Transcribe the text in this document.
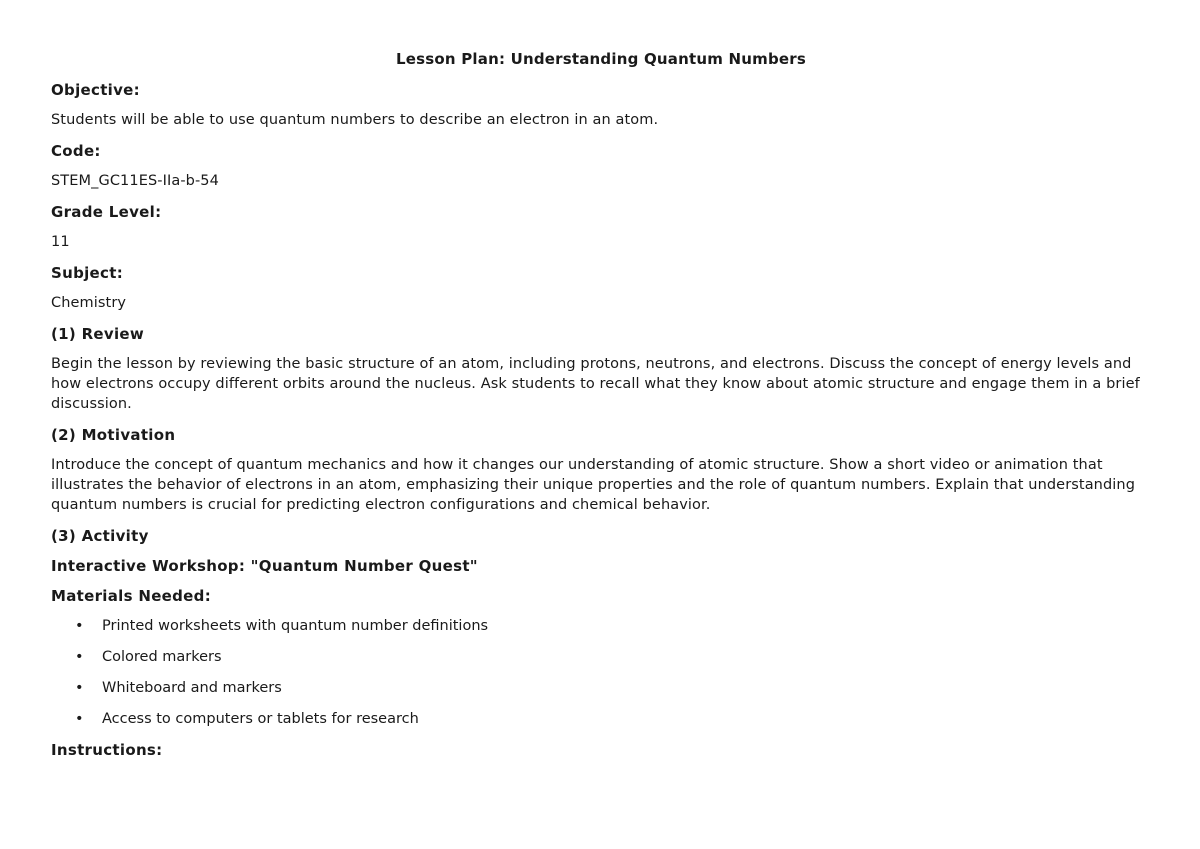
Lesson Plan: Understanding Quantum Numbers
Objective:
Students will be able to use quantum numbers to describe an electron in an atom.
Code:
STEM_GC11ES-IIa-b-54
Grade Level:
11
Subject:
Chemistry
(1) Review
Begin the lesson by reviewing the basic structure of an atom, including protons, neutrons, and electrons. Discuss the concept of energy levels and how electrons occupy different orbits around the nucleus. Ask students to recall what they know about atomic structure and engage them in a brief discussion.
(2) Motivation
Introduce the concept of quantum mechanics and how it changes our understanding of atomic structure. Show a short video or animation that illustrates the behavior of electrons in an atom, emphasizing their unique properties and the role of quantum numbers. Explain that understanding quantum numbers is crucial for predicting electron configurations and chemical behavior.
(3) Activity
Interactive Workshop: "Quantum Number Quest"
Materials Needed:
• Printed worksheets with quantum number definitions
• Colored markers
• Whiteboard and markers
• Access to computers or tablets for research
Instructions:
